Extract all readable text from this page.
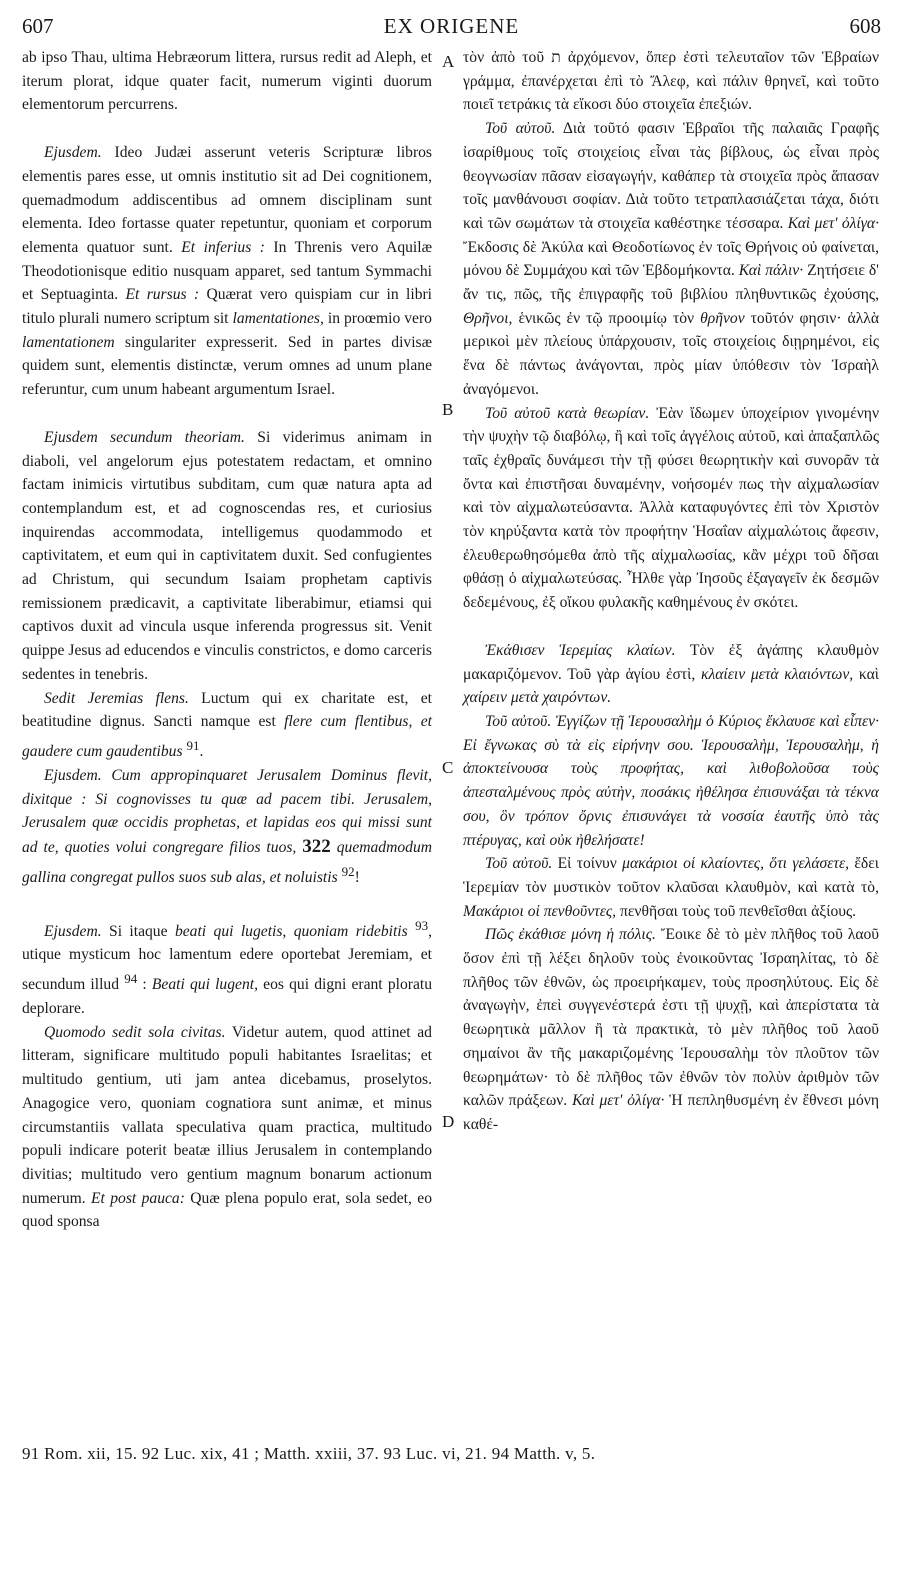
607	EX ORIGENE	608

ab ipso Thau, ultima Hebræorum littera, rursus redit ad Aleph, et iterum plorat, idque quater facit, numerum viginti duorum elementorum percurrens.

Ejusdem. Ideo Judæi asserunt veteris Scripturæ libros elementis pares esse, ut omnis institutio sit ad Dei cognitionem, quemadmodum addiscentibus ad omnem disciplinam sunt elementa. Ideo fortasse quater repetuntur, quoniam et corporum elementa quatuor sunt. Et inferius : In Threnis vero Aquilæ Theodotionisque editio nusquam apparet, sed tantum Symmachi et Septuaginta. Et rursus : Quærat vero quispiam cur in libri titulo plurali numero scriptum sit lamentationes, in proœmio vero lamentationem singulariter expresserit. Sed in partes divisæ quidem sunt, elementis distinctæ, verum omnes ad unum plane referuntur, cum unum habeant argumentum Israel.

Ejusdem secundum theoriam. Si viderimus animam in diaboli, vel angelorum ejus potestatem redactam, et omnino factam inimicis virtutibus subditam, cum quæ natura apta ad contemplandum est, et ad cognoscendas res, et curiosius inquirendas accommodata, intelligemus quodammodo et captivitatem, et eum qui in captivitatem duxit. Sed confugientes ad Christum, qui secundum Isaiam prophetam captivis remissionem prædicavit, a captivitate liberabimur, etiamsi qui captivos duxit ad vincula usque inferenda progressus sit. Venit quippe Jesus ad educendos e vinculis constrictos, e domo carceris sedentes in tenebris.

Sedit Jeremias flens. Luctum qui ex charitate est, et beatitudine dignus. Sancti namque est flere cum flentibus, et gaudere cum gaudentibus $^{91}$.

Ejusdem. Cum appropinquaret Jerusalem Dominus flevit, dixitque : Si cognovisses tu quæ ad pacem tibi. Jerusalem, Jerusalem quæ occidis prophetas, et lapidas eos qui missi sunt ad te, quoties volui congregare filios tuos, 322 quemadmodum gallina congregat pullos suos sub alas, et noluistis $^{92}$!

Ejusdem. Si itaque beati qui lugetis, quoniam ridebitis $^{93}$, utique mysticum hoc lamentum edere oportebat Jeremiam, et secundum illud $^{94}$ : Beati qui lugent, eos qui digni erant ploratu deplorare.

Quomodo sedit sola civitas. Videtur autem, quod attinet ad litteram, significare multitudo populi habitantes Israelitas; et multitudo gentium, uti jam antea dicebamus, proselytos. Anagogice vero, quoniam cognatiora sunt animæ, et minus circumstantiis vallata speculativa quam practica, multitudo populi indicare poterit beatæ illius Jerusalem in contemplando divitias; multitudo vero gentium magnum bonarum actionum numerum. Et post pauca: Quæ plena populo erat, sola sedet, eo quod sponsa

A
B
C
D

τὸν ἀπὸ τοῦ ת ἀρχόμενον, ὅπερ ἐστὶ τελευταῖον τῶν Ἑβραίων γράμμα, ἐπανέρχεται ἐπὶ τὸ Ἄλεφ, καὶ πάλιν θρηνεῖ, καὶ τοῦτο ποιεῖ τετράκις τὰ εἴκοσι δύο στοιχεῖα ἐπεξιών.

Τοῦ αὐτοῦ. Διὰ τοῦτό φασιν Ἑβραῖοι τῆς παλαιᾶς Γραφῆς ἰσαρίθμους τοῖς στοιχείοις εἶναι τὰς βίβλους, ὡς εἶναι πρὸς θεογνωσίαν πᾶσαν εἰσαγωγήν, καθάπερ τὰ στοιχεῖα πρὸς ἅπασαν τοῖς μανθάνουσι σοφίαν. Διὰ τοῦτο τετραπλασιάζεται τάχα, διότι καὶ τῶν σωμάτων τὰ στοιχεῖα καθέστηκε τέσσαρα. Καὶ μετ' ὀλίγα· Ἔκδοσις δὲ Ἀκύλα καὶ Θεοδοτίωνος ἐν τοῖς Θρήνοις οὐ φαίνεται, μόνου δὲ Συμμάχου καὶ τῶν Ἑβδομήκοντα. Καὶ πάλιν· Ζητήσειε δ' ἄν τις, πῶς, τῆς ἐπιγραφῆς τοῦ βιβλίου πληθυντικῶς ἐχούσης, Θρῆνοι, ἑνικῶς ἐν τῷ προοιμίῳ τὸν θρῆνον τοῦτόν φησιν· ἀλλὰ μερικοὶ μὲν πλείους ὑπάρχουσιν, τοῖς στοιχείοις διῃρημένοι, εἰς ἕνα δὲ πάντως ἀνάγονται, πρὸς μίαν ὑπόθεσιν τὸν Ἰσραὴλ ἀναγόμενοι.

Τοῦ αὐτοῦ κατὰ θεωρίαν. Ἐὰν ἴδωμεν ὑποχείριον γινομένην τὴν ψυχὴν τῷ διαβόλῳ, ἢ καὶ τοῖς ἀγγέλοις αὐτοῦ, καὶ ἁπαξαπλῶς ταῖς ἐχθραῖς δυνάμεσι τὴν τῇ φύσει θεωρητικὴν καὶ συνορᾶν τὰ ὄντα καὶ ἐπιστῆσαι δυναμένην, νοήσομέν πως τὴν αἰχμαλωσίαν καὶ τὸν αἰχμαλωτεύσαντα. Ἀλλὰ καταφυγόντες ἐπὶ τὸν Χριστὸν τὸν κηρύξαντα κατὰ τὸν προφήτην Ἡσαΐαν αἰχμαλώτοις ἄφεσιν, ἐλευθερωθησόμεθα ἀπὸ τῆς αἰχμαλωσίας, κἂν μέχρι τοῦ δῆσαι φθάσῃ ὁ αἰχμαλωτεύσας. Ἦλθε γὰρ Ἰησοῦς ἐξαγαγεῖν ἐκ δεσμῶν δεδεμένους, ἐξ οἴκου φυλακῆς καθημένους ἐν σκότει.

Ἐκάθισεν Ἱερεμίας κλαίων. Τὸν ἐξ ἀγάπης κλαυθμὸν μακαριζόμενον. Τοῦ γὰρ ἁγίου ἐστὶ, κλαίειν μετὰ κλαιόντων, καὶ χαίρειν μετὰ χαιρόντων.

Τοῦ αὐτοῦ. Ἐγγίζων τῇ Ἱερουσαλὴμ ὁ Κύριος ἔκλαυσε καὶ εἶπεν· Εἰ ἔγνωκας σὺ τὰ εἰς εἰρήνην σου. Ἱερουσαλὴμ, Ἱερουσαλὴμ, ἡ ἀποκτείνουσα τοὺς προφήτας, καὶ λιθοβολοῦσα τοὺς ἀπεσταλμένους πρὸς αὐτὴν, ποσάκις ἠθέλησα ἐπισυνάξαι τὰ τέκνα σου, ὃν τρόπον ὄρνις ἐπισυνάγει τὰ νοσσία ἑαυτῆς ὑπὸ τὰς πτέρυγας, καὶ οὐκ ἠθελήσατε!

Τοῦ αὐτοῦ. Εἰ τοίνυν μακάριοι οἱ κλαίοντες, ὅτι γελάσετε, ἔδει Ἱερεμίαν τὸν μυστικὸν τοῦτον κλαῦσαι κλαυθμὸν, καὶ κατὰ τὸ, Μακάριοι οἱ πενθοῦντες, πενθῆσαι τοὺς τοῦ πενθεῖσθαι ἀξίους.

Πῶς ἐκάθισε μόνη ἡ πόλις. Ἔοικε δὲ τὸ μὲν πλῆθος τοῦ λαοῦ ὅσον ἐπὶ τῇ λέξει δηλοῦν τοὺς ἐνοικοῦντας Ἰσραηλίτας, τὸ δὲ πλῆθος τῶν ἐθνῶν, ὡς προειρήκαμεν, τοὺς προσηλύτους. Εἰς δὲ ἀναγωγὴν, ἐπεὶ συγγενέστερά ἐστι τῇ ψυχῇ, καὶ ἀπερίστατα τὰ θεωρητικὰ μᾶλλον ἢ τὰ πρακτικὰ, τὸ μὲν πλῆθος τοῦ λαοῦ σημαίνοι ἂν τῆς μακαριζομένης Ἱερουσαλὴμ τὸν πλοῦτον τῶν θεωρημάτων· τὸ δὲ πλῆθος τῶν ἐθνῶν τὸν πολὺν ἀριθμὸν τῶν καλῶν πράξεων. Καὶ μετ' ὀλίγα· Ἡ πεπληθυσμένη ἐν ἔθνεσι μόνη καθέ-

91 Rom. xii, 15. 92 Luc. xix, 41 ; Matth. xxiii, 37. 93 Luc. vi, 21. 94 Matth. v, 5.
